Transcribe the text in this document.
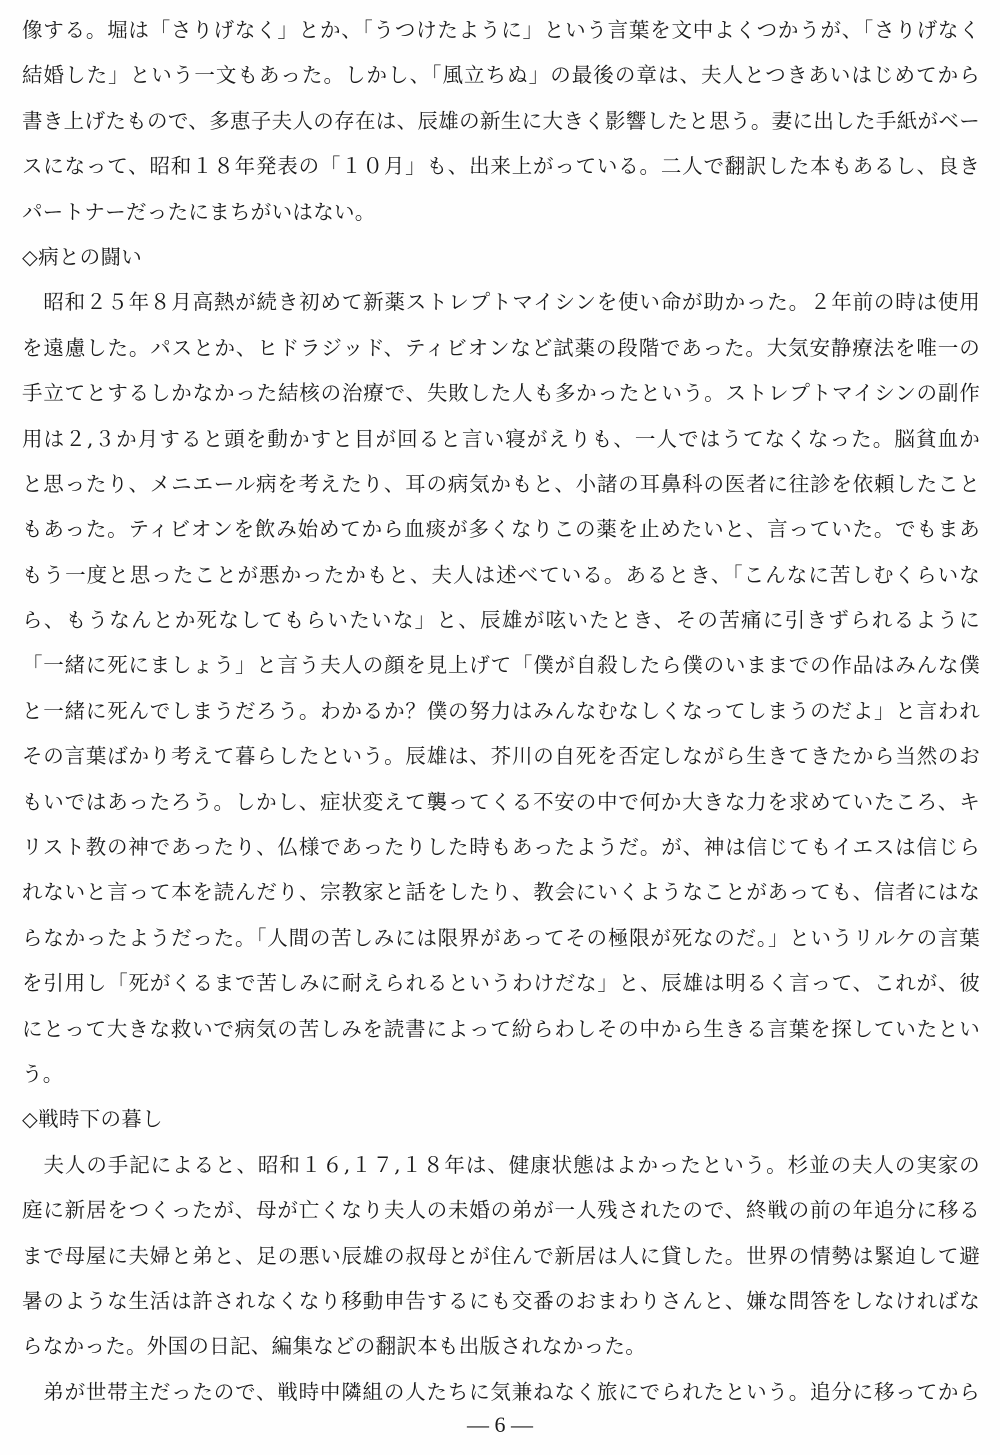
像する。堀は「さりげなく」とか、「うつけたように」という言葉を文中よくつかうが、「さりげなく
結婚した」という一文もあった。しかし、「風立ちぬ」の最後の章は、夫人とつきあいはじめてから
書き上げたもので、多恵子夫人の存在は、辰雄の新生に大きく影響したと思う。妻に出した手紙がベー
スになって、昭和１８年発表の「１０月」も、出来上がっている。二人で翻訳した本もあるし、良き
パートナーだったにまちがいはない。
◇病との闘い
　昭和２５年８月高熱が続き初めて新薬ストレプトマイシンを使い命が助かった。２年前の時は使用
を遠慮した。パスとか、ヒドラジッド、ティビオンなど試薬の段階であった。大気安静療法を唯一の
手立てとするしかなかった結核の治療で、失敗した人も多かったという。ストレプトマイシンの副作
用は２,３か月すると頭を動かすと目が回ると言い寝がえりも、一人ではうてなくなった。脳貧血か
と思ったり、メニエール病を考えたり、耳の病気かもと、小諸の耳鼻科の医者に往診を依頼したこと
もあった。ティビオンを飲み始めてから血痰が多くなりこの薬を止めたいと、言っていた。でもまあ
もう一度と思ったことが悪かったかもと、夫人は述べている。あるとき、「こんなに苦しむくらいな
ら、もうなんとか死なしてもらいたいな」と、辰雄が呟いたとき、その苦痛に引きずられるように
「一緒に死にましょう」と言う夫人の顔を見上げて「僕が自殺したら僕のいままでの作品はみんな僕
と一緒に死んでしまうだろう。わかるか？僕の努力はみんなむなしくなってしまうのだよ」と言われ
その言葉ばかり考えて暮らしたという。辰雄は、芥川の自死を否定しながら生きてきたから当然のお
もいではあったろう。しかし、症状変えて襲ってくる不安の中で何か大きな力を求めていたころ、キ
リスト教の神であったり、仏様であったりした時もあったようだ。が、神は信じてもイエスは信じら
れないと言って本を読んだり、宗教家と話をしたり、教会にいくようなことがあっても、信者にはな
らなかったようだった。「人間の苦しみには限界があってその極限が死なのだ。」というリルケの言葉
を引用し「死がくるまで苦しみに耐えられるというわけだな」と、辰雄は明るく言って、これが、彼
にとって大きな救いで病気の苦しみを読書によって紛らわしその中から生きる言葉を探していたとい
う。
◇戦時下の暮し
　夫人の手記によると、昭和１６,１７,１８年は、健康状態はよかったという。杉並の夫人の実家の
庭に新居をつくったが、母が亡くなり夫人の未婚の弟が一人残されたので、終戦の前の年追分に移る
まで母屋に夫婦と弟と、足の悪い辰雄の叔母とが住んで新居は人に貸した。世界の情勢は緊迫して避
暑のような生活は許されなくなり移動申告するにも交番のおまわりさんと、嫌な問答をしなければな
らなかった。外国の日記、編集などの翻訳本も出版されなかった。
　弟が世帯主だったので、戦時中隣組の人たちに気兼ねなく旅にでられたという。追分に移ってから
— 6 —
